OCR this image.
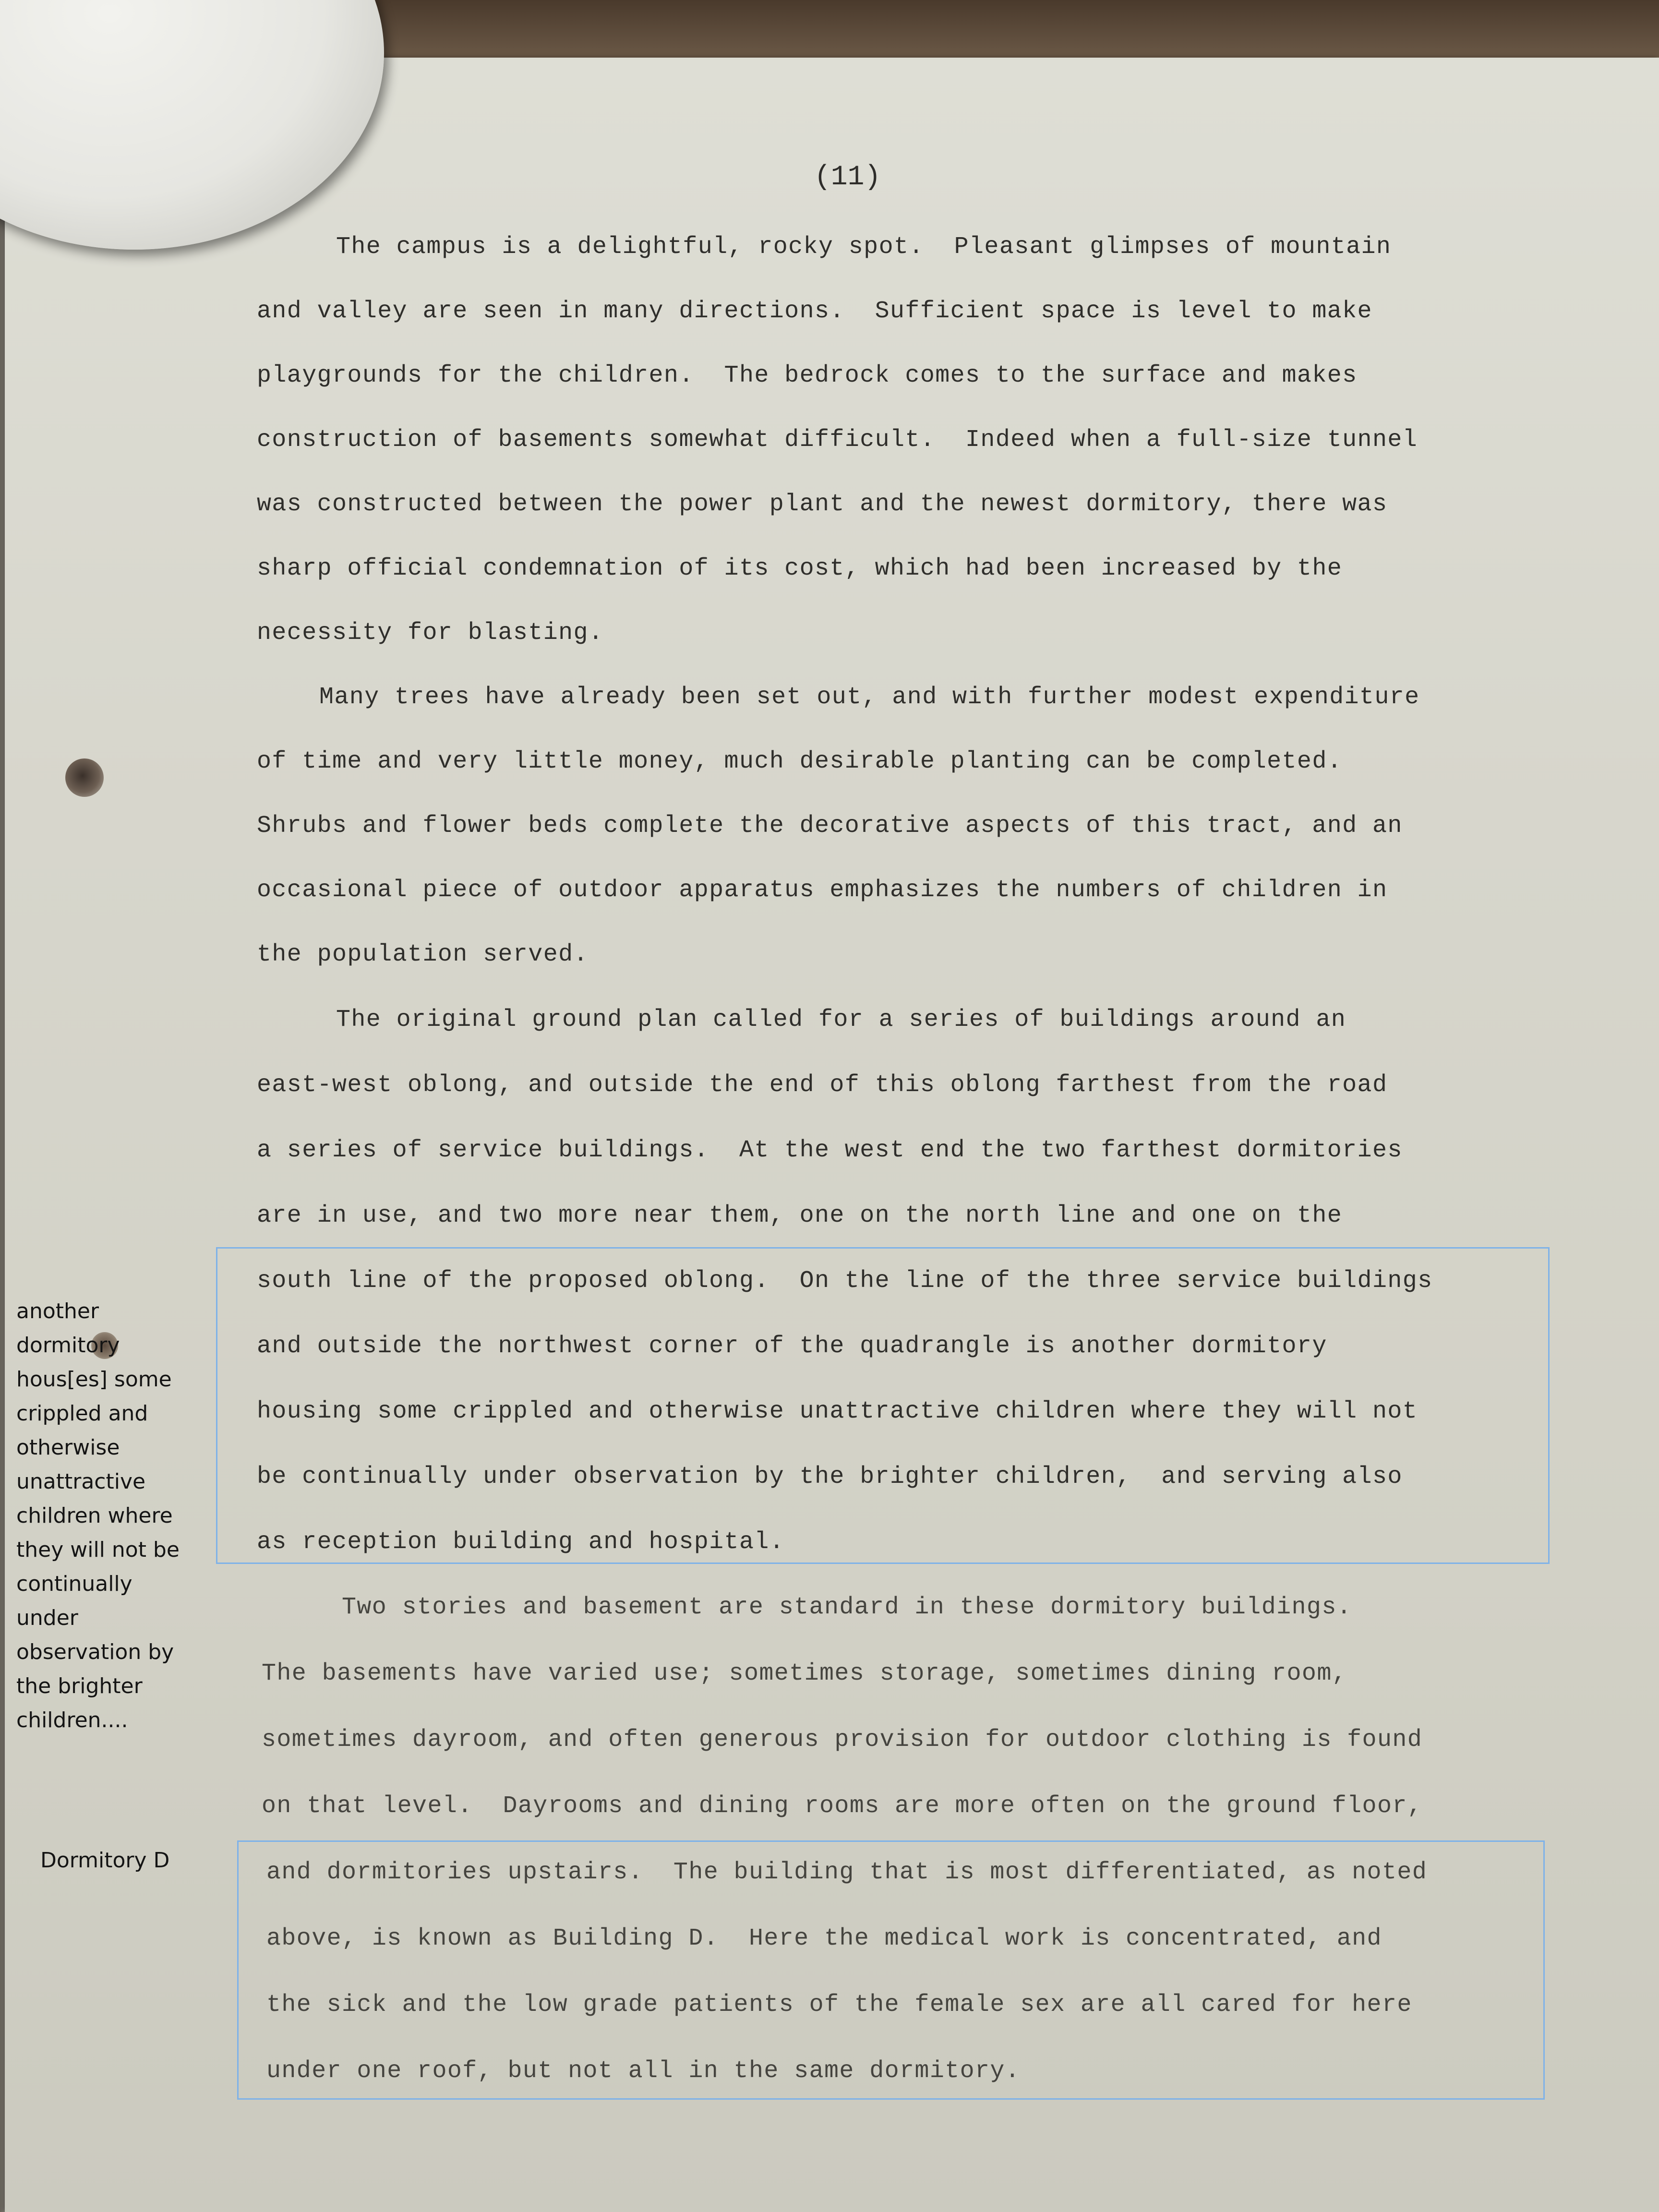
(11)

The campus is a delightful, rocky spot.  Pleasant glimpses of mountain

and valley are seen in many directions.  Sufficient space is level to make

playgrounds for the children.  The bedrock comes to the surface and makes

construction of basements somewhat difficult.  Indeed when a full-size tunnel

was constructed between the power plant and the newest dormitory, there was

sharp official condemnation of its cost, which had been increased by the

necessity for blasting.

Many trees have already been set out, and with further modest expenditure

of time and very little money, much desirable planting can be completed.

Shrubs and flower beds complete the decorative aspects of this tract, and an

occasional piece of outdoor apparatus emphasizes the numbers of children in

the population served.

The original ground plan called for a series of buildings around an

east-west oblong, and outside the end of this oblong farthest from the road

a series of service buildings.  At the west end the two farthest dormitories

are in use, and two more near them, one on the north line and one on the

south line of the proposed oblong.  On the line of the three service buildings

and outside the northwest corner of the quadrangle is another dormitory

housing some crippled and otherwise unattractive children where they will not

be continually under observation by the brighter children,  and serving also

as reception building and hospital.

Two stories and basement are standard in these dormitory buildings.

The basements have varied use; sometimes storage, sometimes dining room,

sometimes dayroom, and often generous provision for outdoor clothing is found

on that level.  Dayrooms and dining rooms are more often on the ground floor,

and dormitories upstairs.  The building that is most differentiated, as noted

above, is known as Building D.  Here the medical work is concentrated, and

the sick and the low grade patients of the female sex are all cared for here

under one roof, but not all in the same dormitory.

another

dormitory

hous[es] some

crippled and

otherwise

unattractive

children where

they will not be

continually

under

observation by

the brighter

children....

Dormitory D
